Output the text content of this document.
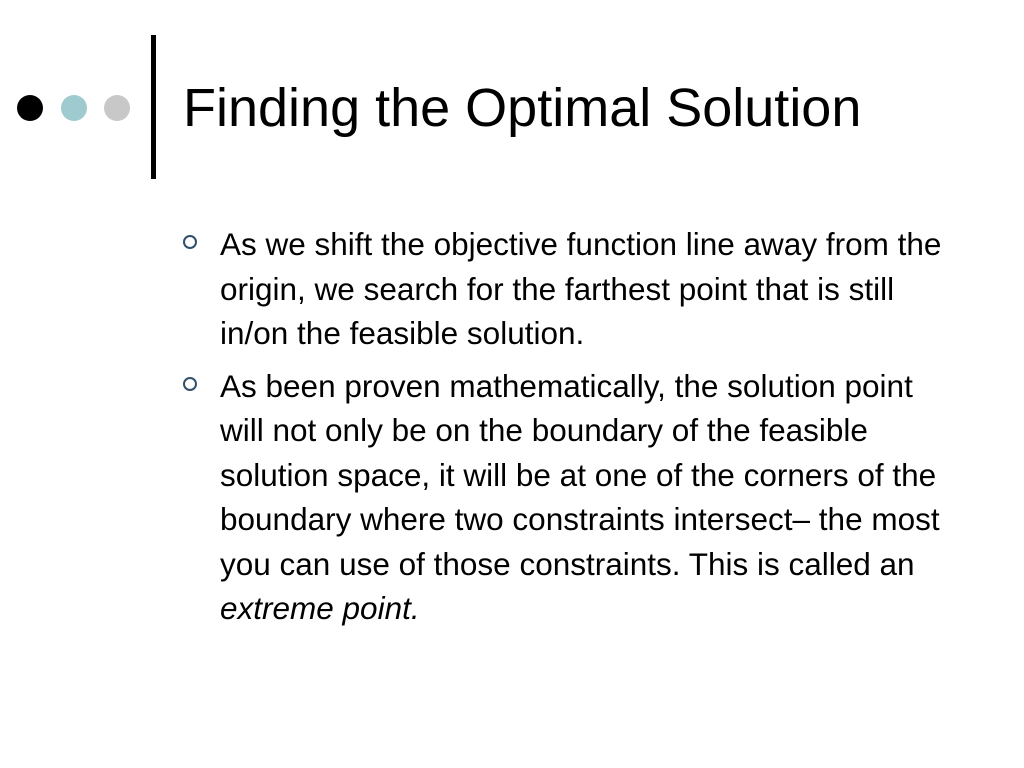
Finding the Optimal Solution
As we shift the objective function line away from the origin, we search for the farthest point that is still in/on the feasible solution.
As been proven mathematically, the solution point will not only be on the boundary of the feasible solution space, it will be at one of the corners of the boundary where two constraints intersect– the most you can use of those constraints. This is called an extreme point.
